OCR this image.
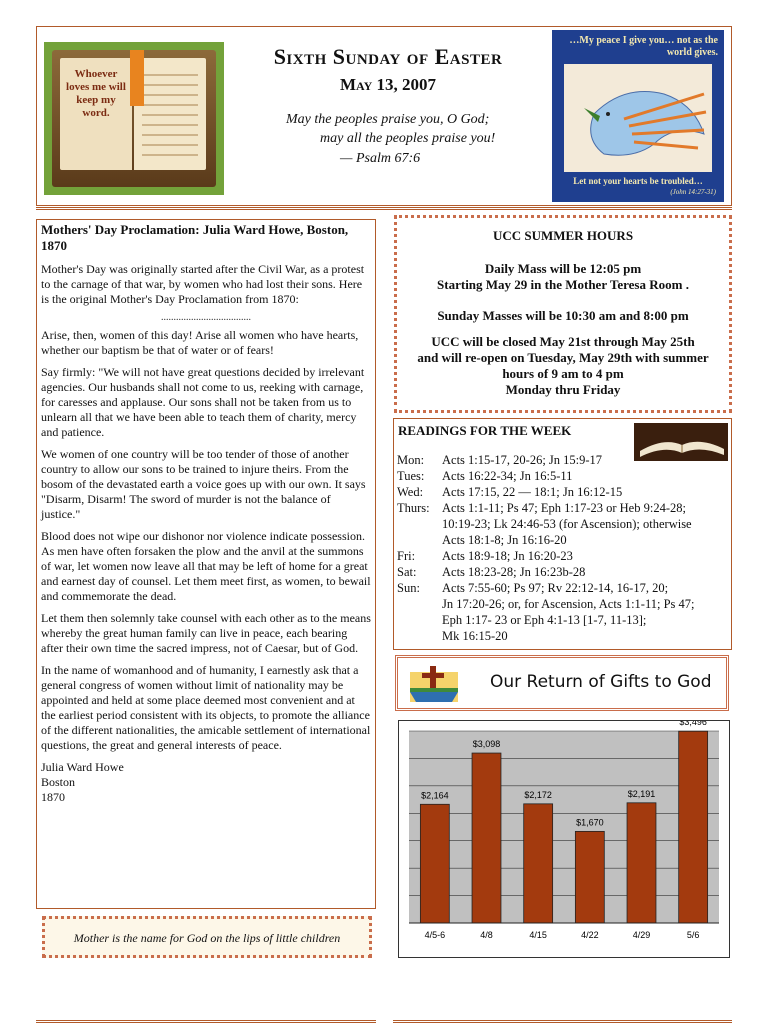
Whoever loves me will keep my word.
Sixth Sunday of Easter
May 13, 2007
May the peoples praise you, O God;
may all the peoples praise you!
— Psalm 67:6
…My peace I give you… not as the world gives.
Let not your hearts be troubled…
(John 14:27-31)

Mothers' Day Proclamation: Julia Ward Howe, Boston, 1870

Mother's Day was originally started after the Civil War, as a protest to the carnage of that war, by women who had lost their sons. Here is the original Mother's Day Proclamation from 1870:

....................................

Arise, then, women of this day! Arise all women who have hearts, whether our baptism be that of water or of fears!

Say firmly: "We will not have great questions decided by irrelevant agencies. Our husbands shall not come to us, reeking with carnage, for caresses and applause. Our sons shall not be taken from us to unlearn all that we have been able to teach them of charity, mercy and patience.

We women of one country will be too tender of those of another country to allow our sons to be trained to injure theirs. From the bosom of the devastated earth a voice goes up with our own. It says "Disarm, Disarm! The sword of murder is not the balance of justice."

Blood does not wipe our dishonor nor violence indicate possession. As men have often forsaken the plow and the anvil at the summons of war, let women now leave all that may be left of home for a great and earnest day of counsel. Let them meet first, as women, to bewail and commemorate the dead.

Let them then solemnly take counsel with each other as to the means whereby the great human family can live in peace, each bearing after their own time the sacred impress, not of Caesar, but of God.

In the name of womanhood and of humanity, I earnestly ask that a general congress of women without limit of nationality may be appointed and held at some place deemed most convenient and at the earliest period consistent with its objects, to promote the alliance of the different nationalities, the amicable settlement of international questions, the great and general interests of peace.

Julia Ward Howe
Boston
1870
Mother is the name for God on the lips of little children
UCC SUMMER HOURS
Daily Mass will be 12:05 pm
Starting May 29 in the Mother Teresa Room .
Sunday Masses will be 10:30 am and 8:00 pm
UCC will be closed May 21st through May 25th
and will re-open on Tuesday, May 29th with summer
hours of 9 am to 4 pm
Monday thru Friday
READINGS FOR THE WEEK
Mon:	Acts 1:15-17, 20-26; Jn 15:9-17
Tues:	Acts 16:22-34; Jn 16:5-11
Wed:	Acts 17:15, 22 — 18:1; Jn 16:12-15
Thurs: Acts 1:1-11; Ps 47; Eph 1:17-23 or Heb 9:24-28;
10:19-23; Lk 24:46-53 (for Ascension); otherwise
Acts 18:1-8; Jn 16:16-20
Fri:	Acts 18:9-18; Jn 16:20-23
Sat:	Acts 18:23-28; Jn 16:23b-28
Sun:	Acts 7:55-60; Ps 97; Rv 22:12-14, 16-17, 20;
Jn 17:20-26; or, for Ascension, Acts 1:1-11; Ps 47;
Eph 1:17- 23 or Eph 4:1-13 [1-7, 11-13];
Mk 16:15-20
Our Return of Gifts to God
$2,164
4/5-6
$3,098
4/8
$2,172
4/15
$1,670
4/22
$2,191
4/29
$3,496
5/6
